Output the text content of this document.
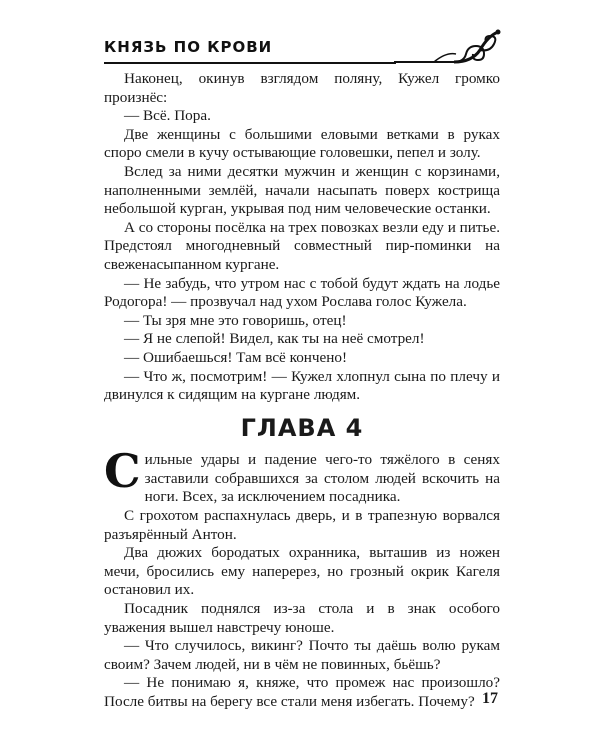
КНЯЗЬ ПО КРОВИ

Наконец, окинув взглядом поляну, Кужел громко произнёс:

— Всё. Пора.

Две женщины с большими еловыми ветками в руках споро смели в кучу остывающие головешки, пепел и золу.

Вслед за ними десятки мужчин и женщин с корзинами, наполненными землёй, начали насыпать поверх кострища небольшой курган, укрывая под ним человеческие останки.

А со стороны посёлка на трех повозках везли еду и питье. Предстоял многодневный совместный пир-поминки на свеженасыпанном кургане.

— Не забудь, что утром нас с тобой будут ждать на лодье Родогора! — прозвучал над ухом Рослава голос Кужела.

— Ты зря мне это говоришь, отец!

— Я не слепой! Видел, как ты на неё смотрел!

— Ошибаешься! Там всё кончено!

— Что ж, посмотрим! — Кужел хлопнул сына по плечу и двинулся к сидящим на кургане людям.

ГЛАВА 4

Сильные удары и падение чего-то тяжёлого в сенях заставили собравшихся за столом людей вскочить на ноги. Всех, за исключением посадника.

С грохотом распахнулась дверь, и в трапезную ворвался разъярённый Антон.

Два дюжих бородатых охранника, выташив из ножен мечи, бросились ему наперерез, но грозный окрик Кагеля остановил их.

Посадник поднялся из-за стола и в знак особого уважения вышел навстречу юноше.

— Что случилось, викинг? Почто ты даёшь волю рукам своим? Зачем людей, ни в чём не повинных, бьёшь?

— Не понимаю я, княже, что промеж нас произошло? После битвы на берегу все стали меня избегать. Почему? 17
